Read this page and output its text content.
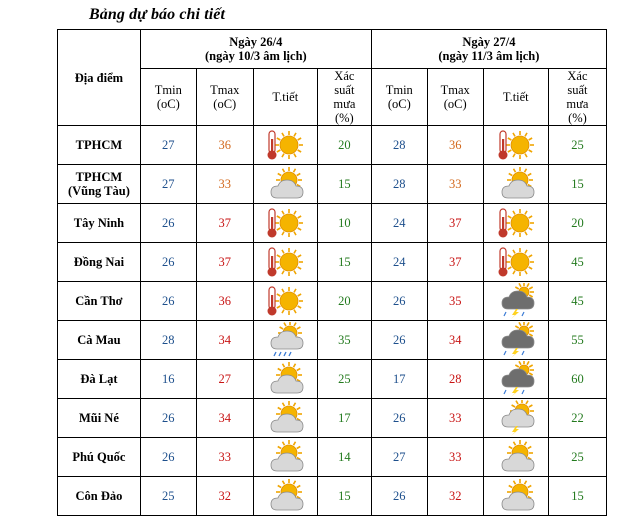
Bảng dự báo chi tiết
Địa điểm	Ngày 26/4
(ngày 10/3 âm lịch)				Ngày 27/4
(ngày 11/3 âm lịch)			

	Tmin
(oC)	Tmax
(oC)	T.tiết	Xác
suất
mưa
(%)	Tmin
(oC)	Tmax
(oC)	T.tiết	Xác
suất
mưa
(%)

TPHCM	27	36		20	28	36		25

TPHCM
(Vũng Tàu)	27	33		15	28	33		15

Tây Ninh	26	37		10	24	37		20

Đồng Nai	26	37		15	24	37		45

Cần Thơ	26	36		20	26	35		45

Cà Mau	28	34		35	26	34		55

Đà Lạt	16	27		25	17	28		60

Mũi Né	26	34		17	26	33		22

Phú Quốc	26	33		14	27	33		25

Côn Đảo	25	32		15	26	32		15
